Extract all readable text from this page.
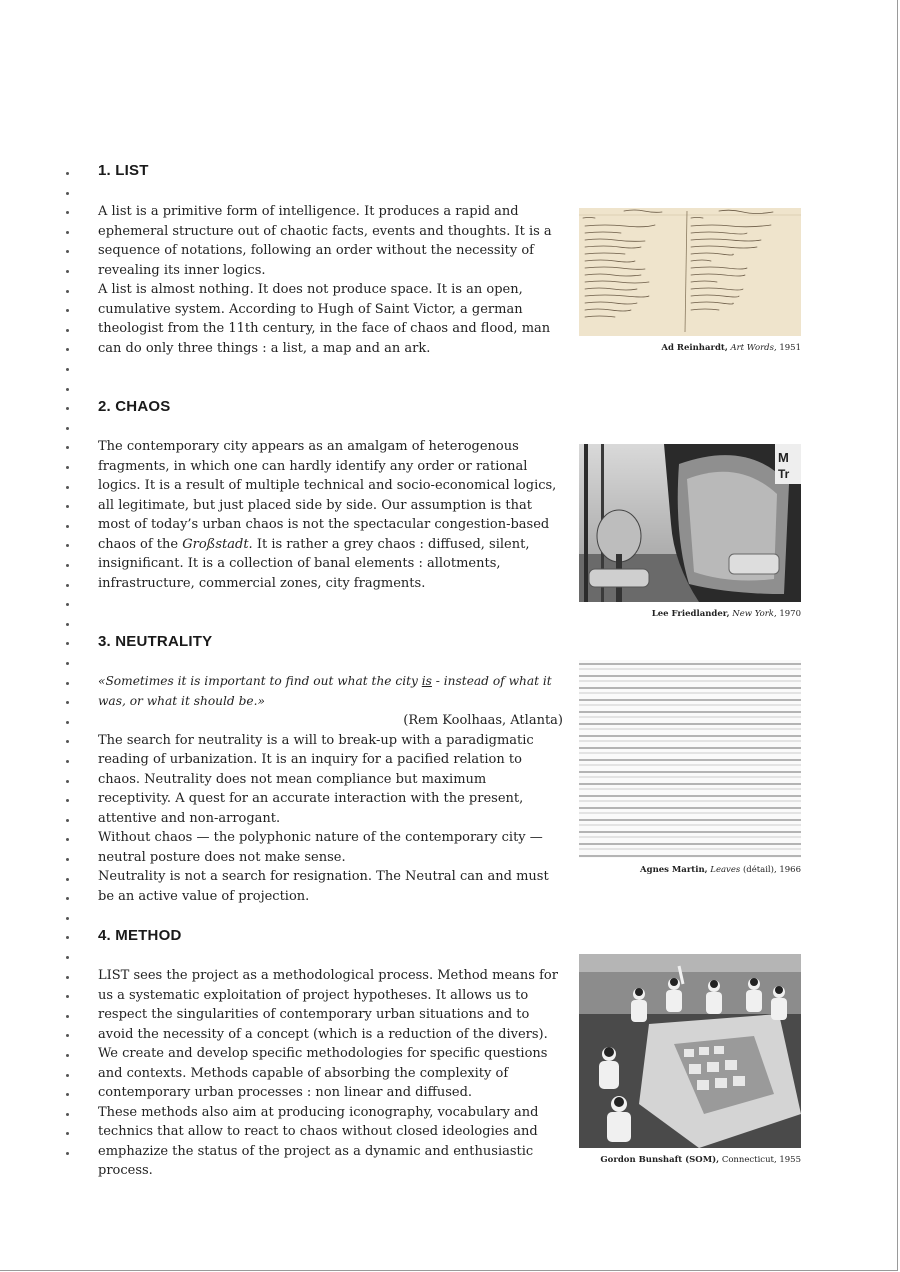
1. LIST

A list is a primitive form of intelligence. It produces a rapid and ephemeral structure out of chaotic facts, events and thoughts. It is a sequence of notations, following an order without the necessity of revealing its inner logics.

A list is almost nothing. It does not produce space. It is an open, cumulative system. According to Hugh of Saint Victor, a german theologist from the 11th century, in the face of chaos and flood, man can do only three things : a list, a map and an ark.	Ad Reinhardt, Art Words, 1951
2. CHAOS

The contemporary city appears as an amalgam of heterogenous fragments, in which one can hardly identify any order or rational logics. It is a result of multiple technical and socio-economical logics, all legitimate, but just placed side by side. Our assumption is that most of today’s urban chaos is not the spectacular congestion-based chaos of the Großstadt. It is rather a grey chaos : diffused, silent, insignificant. It is a collection of banal elements : allotments, infrastructure, commercial zones, city fragments.

M
Tr
Lee Friedlander, New York, 1970
3. NEUTRALITY

«Sometimes it is important to find out what the city is - instead of what it was, or what it should be.»

(Rem Koolhaas, Atlanta)

The search for neutrality is a will to break-up with a paradigmatic reading of urbanization. It is an inquiry for a pacified relation to chaos. Neutrality does not mean compliance but maximum receptivity. A quest for an accurate interaction with the present, attentive and non-arrogant.

Without chaos — the polyphonic nature of the contemporary city — neutral posture does not make sense.

Neutrality is not a search for resignation. The Neutral can and must be an active value of projection.

Agnes Martin, Leaves (détail), 1966
4. METHOD

LIST sees the project as a methodological process. Method means for us a systematic exploitation of project hypotheses. It allows us to respect the singularities of contemporary urban situations and to avoid the necessity of a concept (which is a reduction of the divers). We create and develop specific methodologies for specific questions and contexts. Methods capable of absorbing the complexity of contemporary urban processes : non linear and diffused.

These methods also aim at producing iconography, vocabulary and technics that allow to react to chaos without closed ideologies and emphazize the status of the project as a dynamic and enthusiastic process.

Gordon Bunshaft (SOM), Connecticut, 1955
